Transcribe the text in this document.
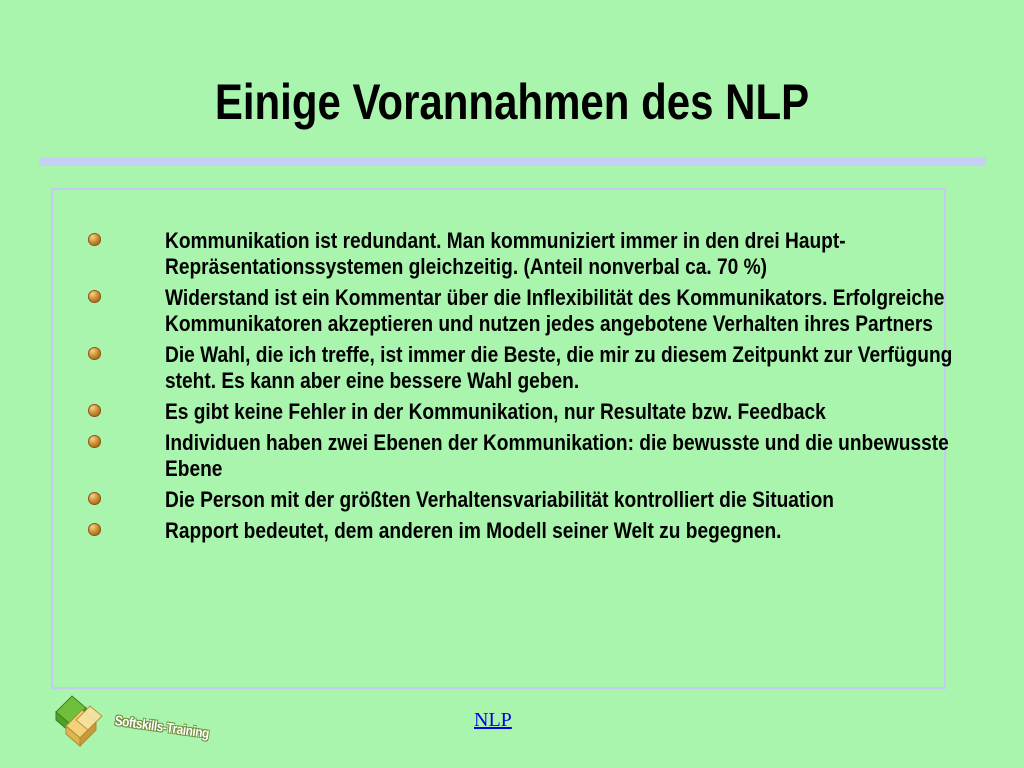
Einige Vorannahmen des NLP
Kommunikation ist redundant. Man kommuniziert immer in den drei Haupt-Repräsentationssystemen gleichzeitig. (Anteil nonverbal ca. 70 %)
Widerstand ist ein Kommentar über die Inflexibilität des Kommunikators. Erfolgreiche Kommunikatoren akzeptieren und nutzen jedes angebotene Verhalten ihres Partners
Die Wahl, die ich treffe, ist immer die Beste, die mir zu diesem Zeitpunkt zur Verfügung steht. Es kann aber eine bessere Wahl geben.
Es gibt keine Fehler in der Kommunikation, nur Resultate bzw. Feedback
Individuen haben zwei Ebenen der Kommunikation: die bewusste und die unbewusste Ebene
Die Person mit der größten Verhaltensvariabilität kontrolliert die Situation
Rapport bedeutet, dem anderen im Modell seiner Welt zu begegnen.
Softskills-Training	NLP
